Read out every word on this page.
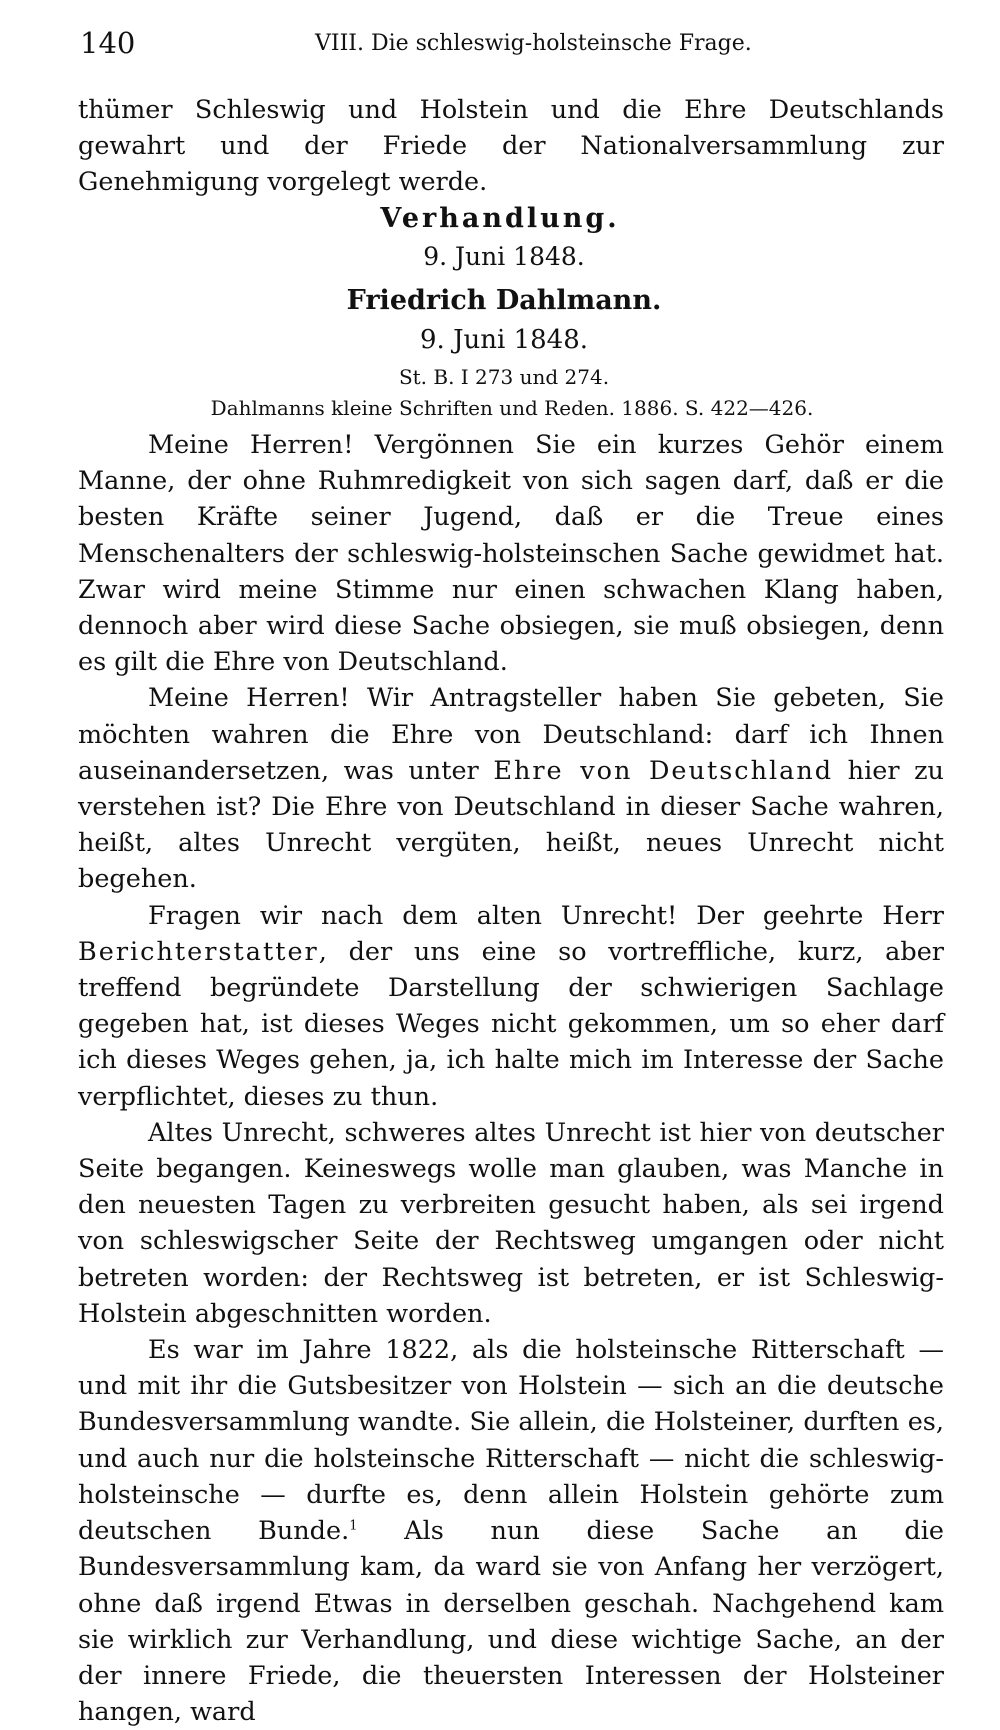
140	VIII. Die schleswig-holsteinsche Frage.

thümer Schleswig und Holstein und die Ehre Deutschlands gewahrt und der Friede der Nationalversammlung zur Genehmigung vorgelegt werde.

Verhandlung.

9. Juni 1848.

Friedrich Dahlmann.

9. Juni 1848.

St. B. I 273 und 274.

Dahlmanns kleine Schriften und Reden. 1886. S. 422—426.

Meine Herren! Vergönnen Sie ein kurzes Gehör einem Manne, der ohne Ruhmredigkeit von sich sagen darf, daß er die besten Kräfte seiner Jugend, daß er die Treue eines Menschenalters der schleswig-holsteinschen Sache gewidmet hat. Zwar wird meine Stimme nur einen schwachen Klang haben, dennoch aber wird diese Sache obsiegen, sie muß obsiegen, denn es gilt die Ehre von Deutschland.

Meine Herren! Wir Antragsteller haben Sie gebeten, Sie möchten wahren die Ehre von Deutschland: darf ich Ihnen auseinandersetzen, was unter Ehre von Deutschland hier zu verstehen ist? Die Ehre von Deutschland in dieser Sache wahren, heißt, altes Unrecht vergüten, heißt, neues Unrecht nicht begehen.

Fragen wir nach dem alten Unrecht! Der geehrte Herr Berichterstatter, der uns eine so vortreffliche, kurz, aber treffend begründete Darstellung der schwierigen Sachlage gegeben hat, ist dieses Weges nicht gekommen, um so eher darf ich dieses Weges gehen, ja, ich halte mich im Interesse der Sache verpflichtet, dieses zu thun.

Altes Unrecht, schweres altes Unrecht ist hier von deutscher Seite begangen. Keineswegs wolle man glauben, was Manche in den neuesten Tagen zu verbreiten gesucht haben, als sei irgend von schleswigscher Seite der Rechtsweg umgangen oder nicht betreten worden: der Rechtsweg ist betreten, er ist Schleswig-Holstein abgeschnitten worden.

Es war im Jahre 1822, als die holsteinsche Ritterschaft — und mit ihr die Gutsbesitzer von Holstein — sich an die deutsche Bundesversammlung wandte. Sie allein, die Holsteiner, durften es, und auch nur die holsteinsche Ritterschaft — nicht die schleswig-holsteinsche — durfte es, denn allein Holstein gehörte zum deutschen Bunde.$^1$ Als nun diese Sache an die Bundesversammlung kam, da ward sie von Anfang her verzögert, ohne daß irgend Etwas in derselben geschah. Nachgehend kam sie wirklich zur Verhandlung, und diese wichtige Sache, an der der innere Friede, die theuersten Interessen der Holsteiner hangen, ward
